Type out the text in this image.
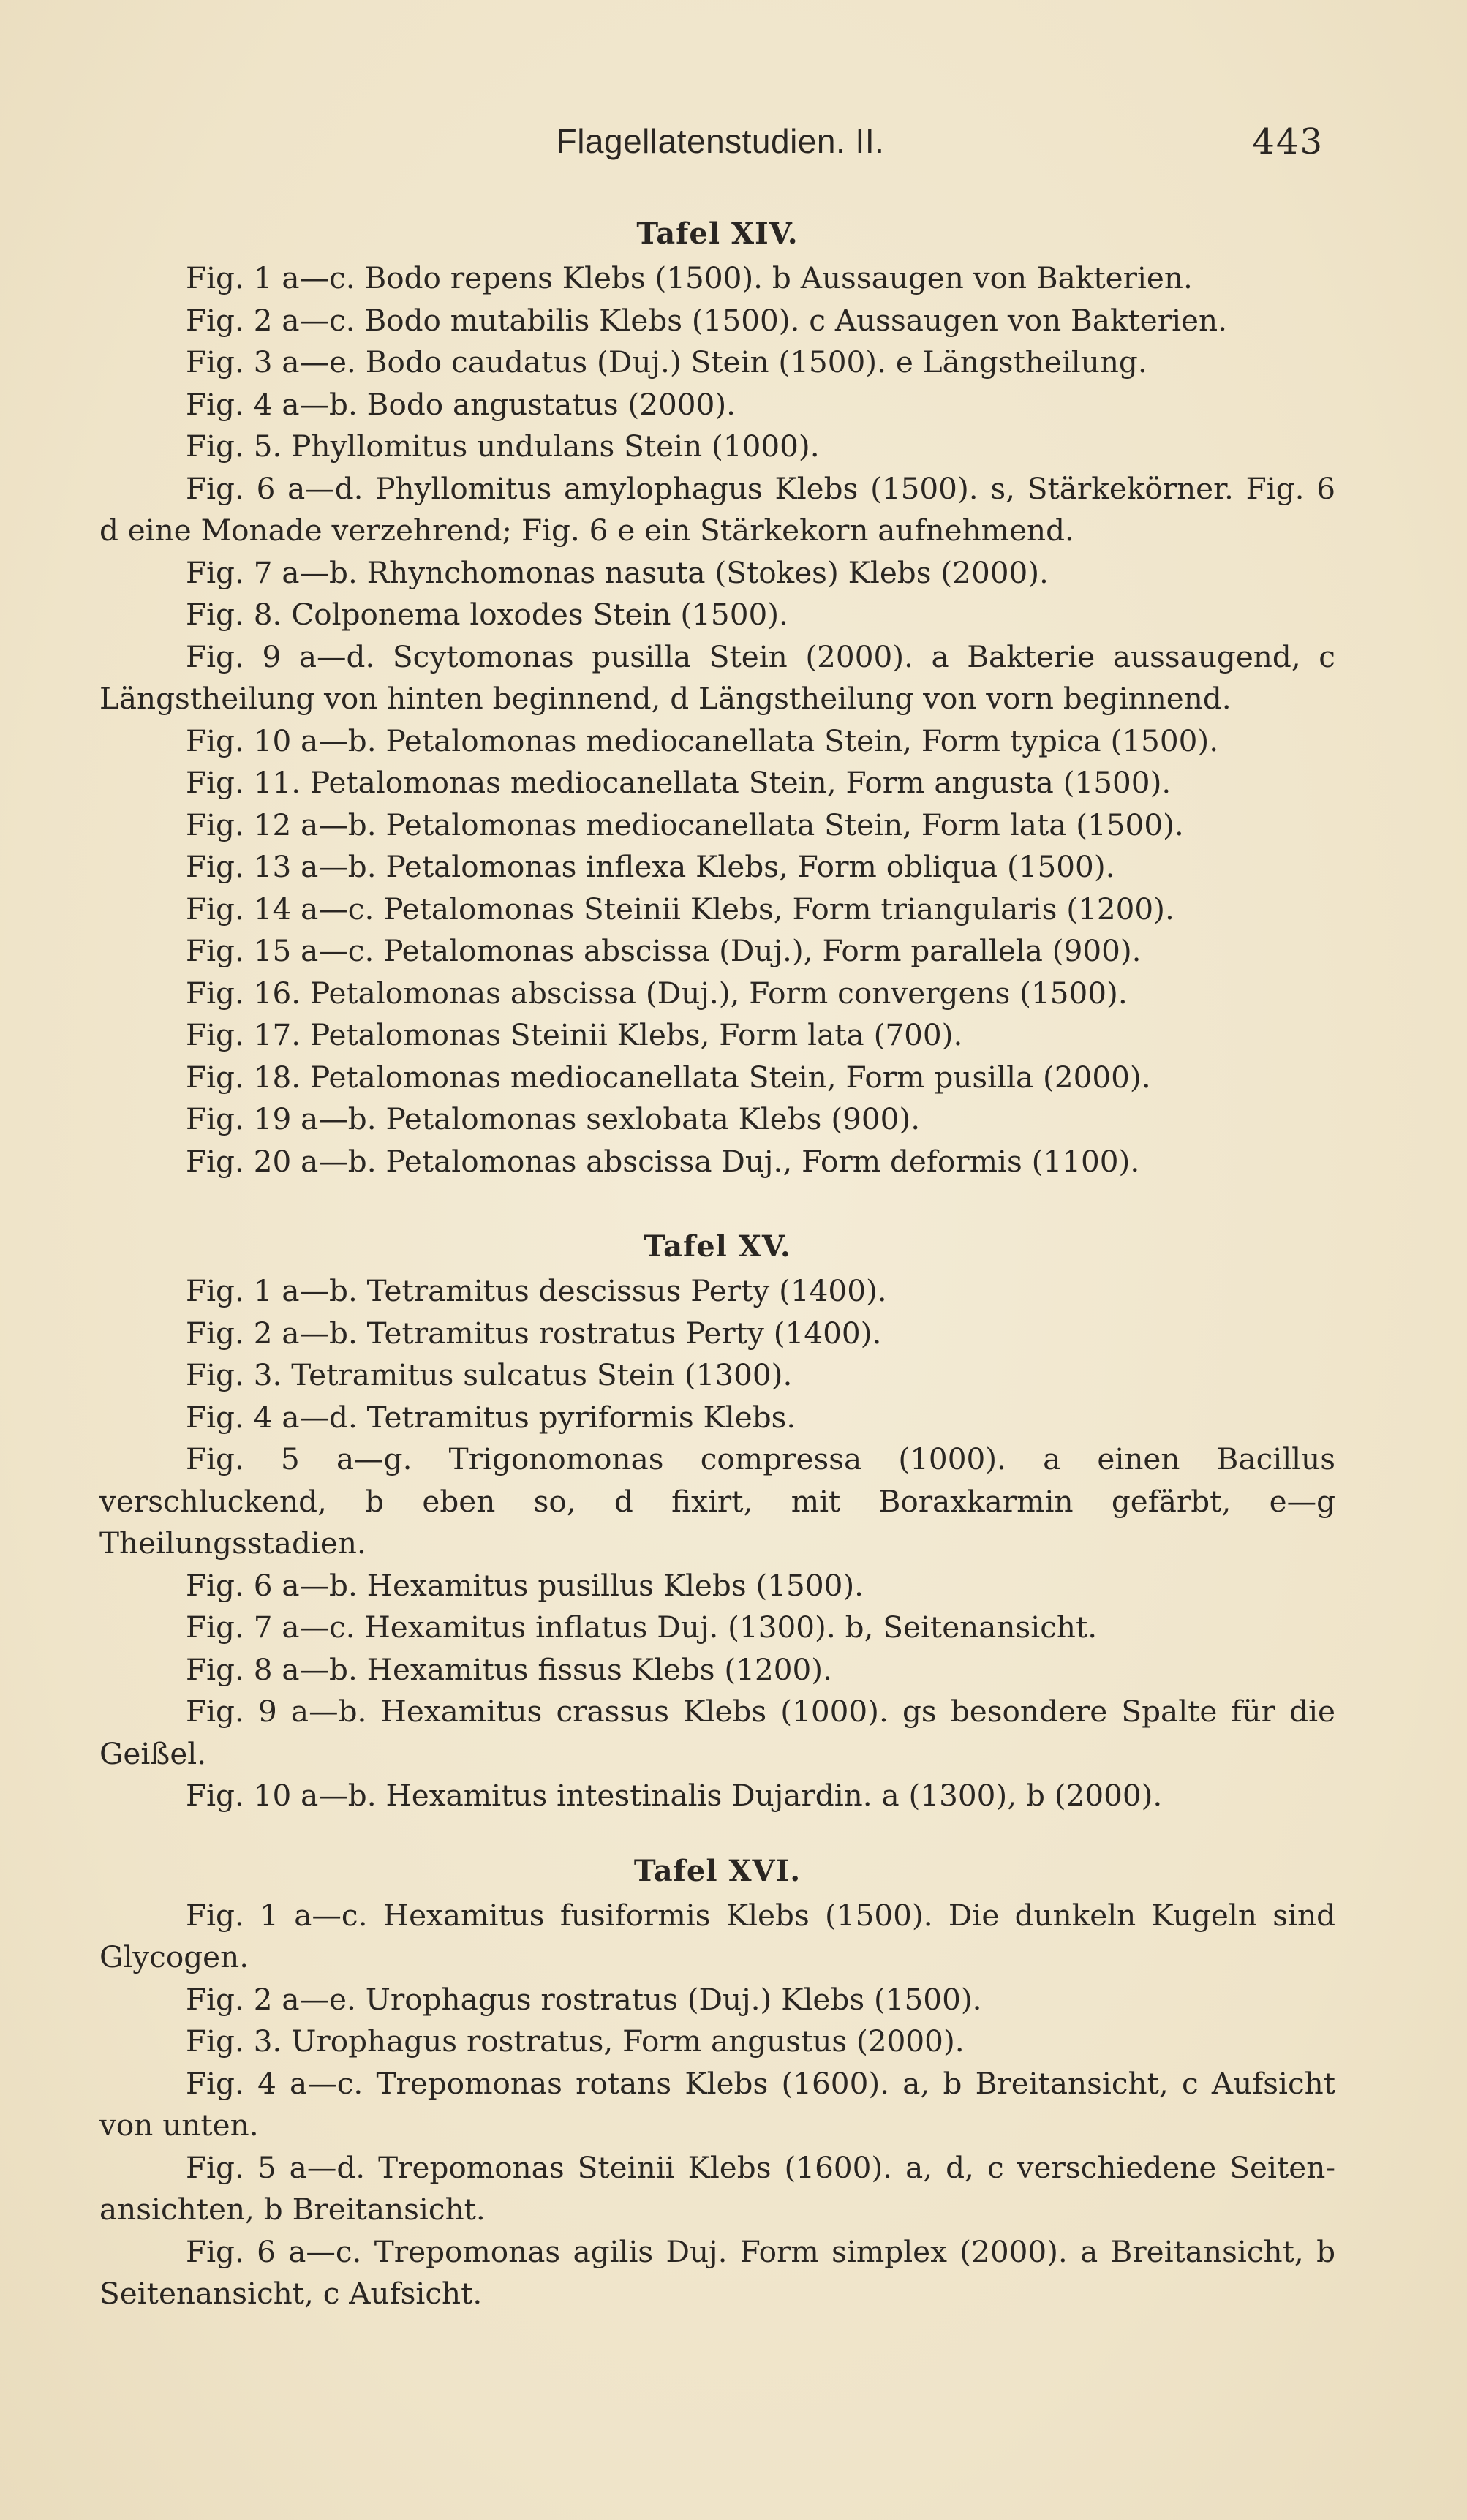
Flagellatenstudien. II.	443
Tafel XIV.

Fig. 1 a—c. Bodo repens Klebs (1500). b Aussaugen von Bakterien.

Fig. 2 a—c. Bodo mutabilis Klebs (1500). c Aussaugen von Bakterien.

Fig. 3 a—e. Bodo caudatus (Duj.) Stein (1500). e Längstheilung.

Fig. 4 a—b. Bodo angustatus (2000).

Fig. 5. Phyllomitus undulans Stein (1000).

Fig. 6 a—d. Phyllomitus amylophagus Klebs (1500). s, Stärkekörner. Fig. 6 d eine Monade verzehrend; Fig. 6 e ein Stärkekorn aufnehmend.

Fig. 7 a—b. Rhynchomonas nasuta (Stokes) Klebs (2000).

Fig. 8. Colponema loxodes Stein (1500).

Fig. 9 a—d. Scytomonas pusilla Stein (2000). a Bakterie aussaugend, c Längstheilung von hinten beginnend, d Längstheilung von vorn beginnend.

Fig. 10 a—b. Petalomonas mediocanellata Stein, Form typica (1500).

Fig. 11. Petalomonas mediocanellata Stein, Form angusta (1500).

Fig. 12 a—b. Petalomonas mediocanellata Stein, Form lata (1500).

Fig. 13 a—b. Petalomonas inflexa Klebs, Form obliqua (1500).

Fig. 14 a—c. Petalomonas Steinii Klebs, Form triangularis (1200).

Fig. 15 a—c. Petalomonas abscissa (Duj.), Form parallela (900).

Fig. 16. Petalomonas abscissa (Duj.), Form convergens (1500).

Fig. 17. Petalomonas Steinii Klebs, Form lata (700).

Fig. 18. Petalomonas mediocanellata Stein, Form pusilla (2000).

Fig. 19 a—b. Petalomonas sexlobata Klebs (900).

Fig. 20 a—b. Petalomonas abscissa Duj., Form deformis (1100).

Tafel XV.

Fig. 1 a—b. Tetramitus descissus Perty (1400).

Fig. 2 a—b. Tetramitus rostratus Perty (1400).

Fig. 3. Tetramitus sulcatus Stein (1300).

Fig. 4 a—d. Tetramitus pyriformis Klebs.

Fig. 5 a—g. Trigonomonas compressa (1000). a einen Bacillus verschluckend, b eben so, d fixirt, mit Boraxkarmin gefärbt, e—g Theilungsstadien.

Fig. 6 a—b. Hexamitus pusillus Klebs (1500).

Fig. 7 a—c. Hexamitus inflatus Duj. (1300). b, Seitenansicht.

Fig. 8 a—b. Hexamitus fissus Klebs (1200).

Fig. 9 a—b. Hexamitus crassus Klebs (1000). gs besondere Spalte für die Geißel.

Fig. 10 a—b. Hexamitus intestinalis Dujardin. a (1300), b (2000).

Tafel XVI.

Fig. 1 a—c. Hexamitus fusiformis Klebs (1500). Die dunkeln Kugeln sind Glycogen.

Fig. 2 a—e. Urophagus rostratus (Duj.) Klebs (1500).

Fig. 3. Urophagus rostratus, Form angustus (2000).

Fig. 4 a—c. Trepomonas rotans Klebs (1600). a, b Breitansicht, c Aufsicht von unten.

Fig. 5 a—d. Trepomonas Steinii Klebs (1600). a, d, c verschiedene Seitenansichten, b Breitansicht.

Fig. 6 a—c. Trepomonas agilis Duj. Form simplex (2000). a Breitansicht, b Seitenansicht, c Aufsicht.
